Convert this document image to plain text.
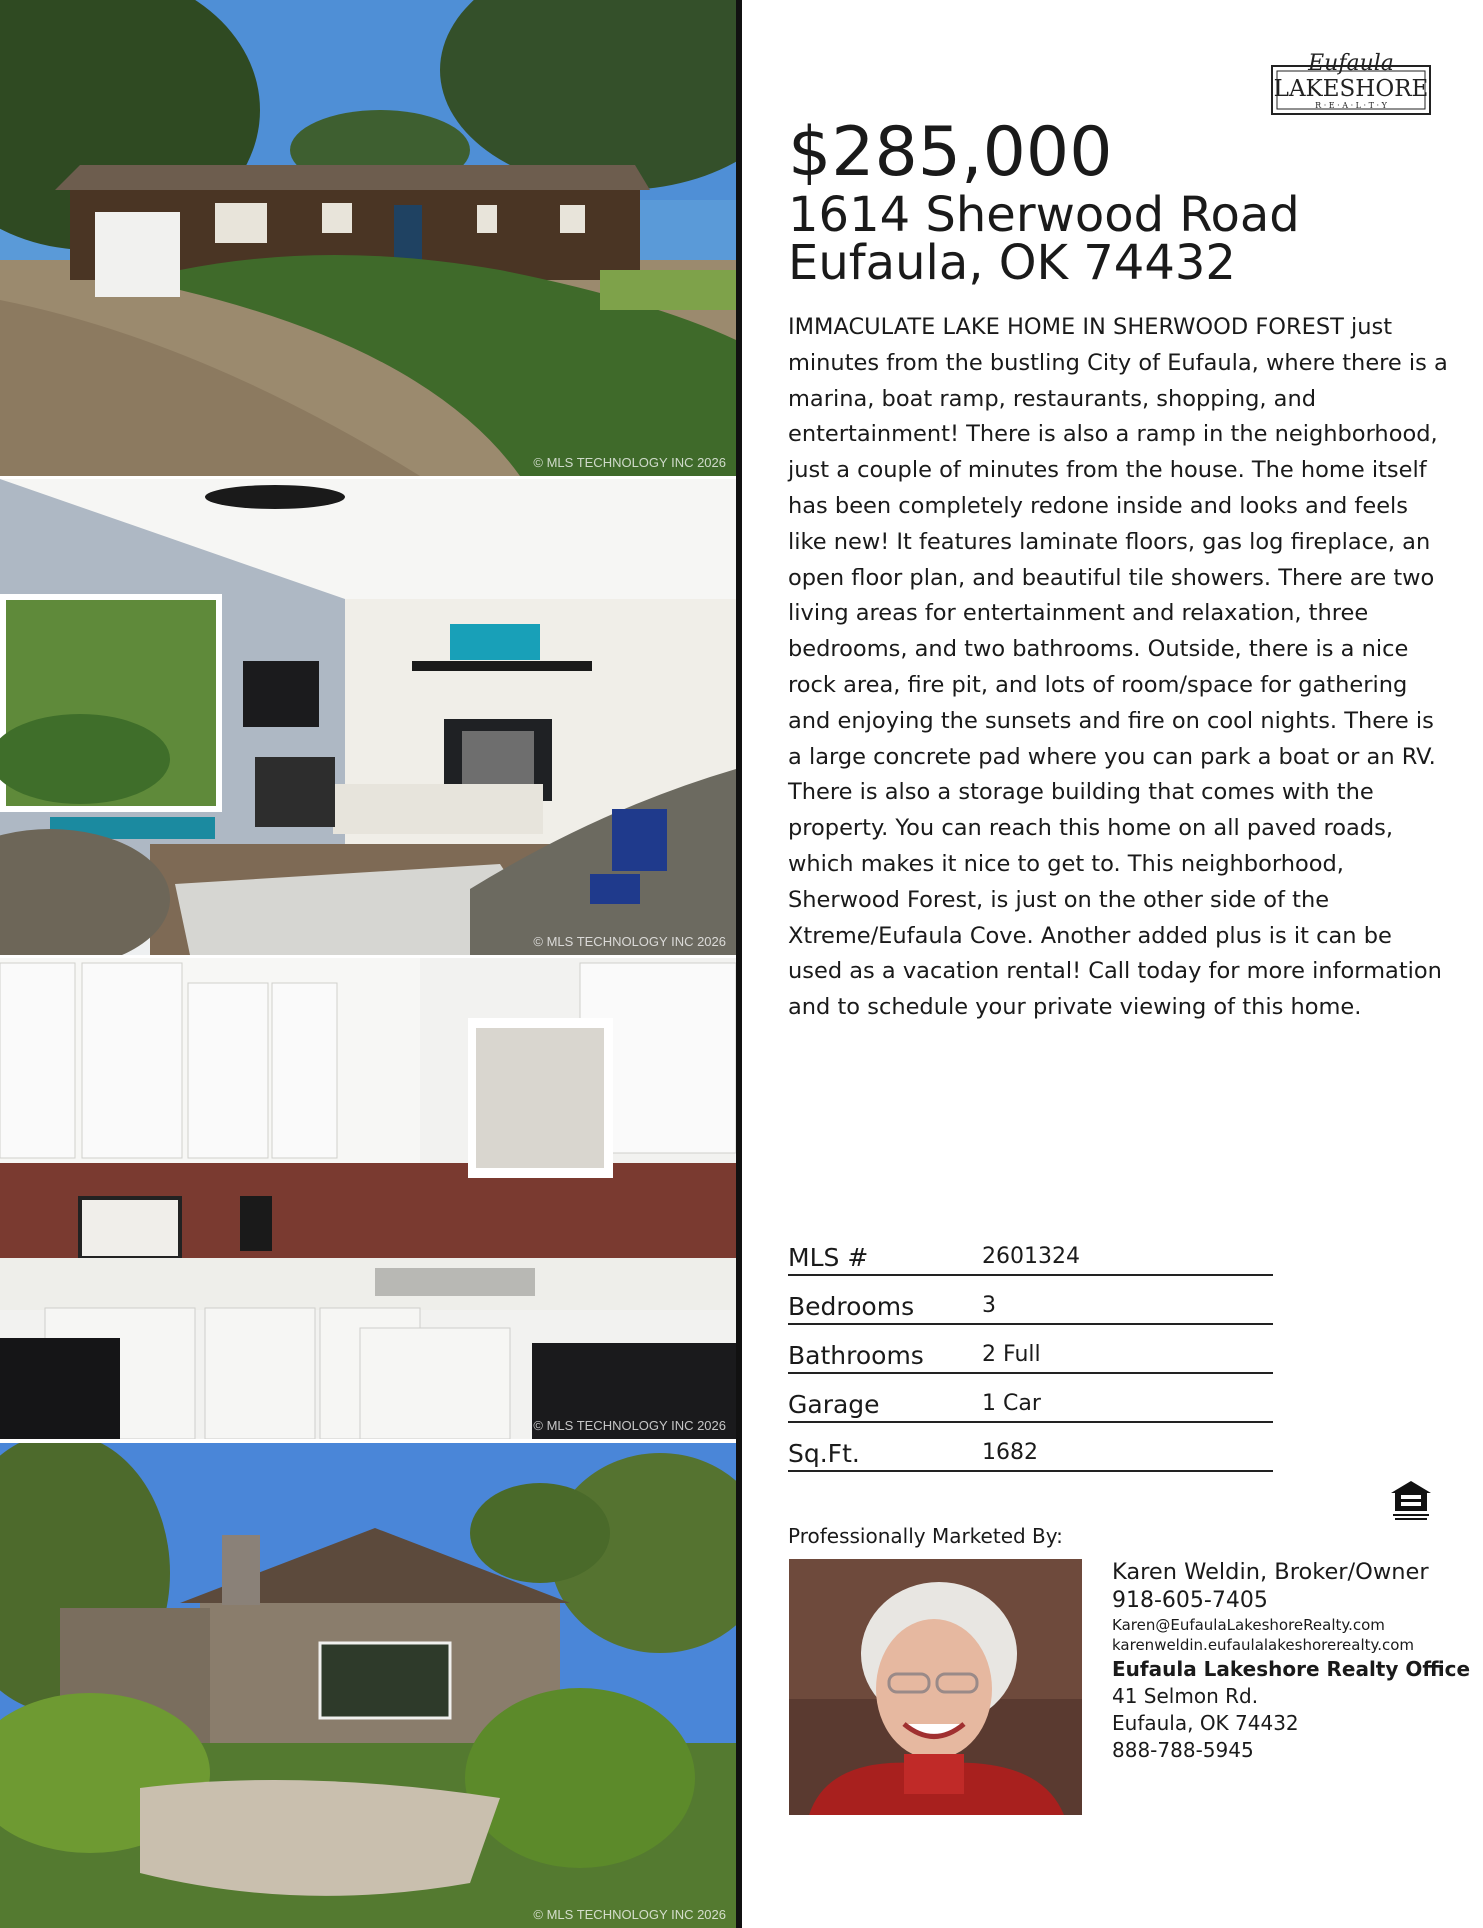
© MLS TECHNOLOGY INC 2026
© MLS TECHNOLOGY INC 2026
© MLS TECHNOLOGY INC 2026
© MLS TECHNOLOGY INC 2026
Eufaula
LAKESHORE
R · E · A · L · T · Y
$285,000
1614 Sherwood Road
Eufaula, OK 74432

IMMACULATE LAKE HOME IN SHERWOOD FOREST just minutes from the bustling City of Eufaula, where there is a marina, boat ramp, restaurants, shopping, and entertainment! There is also a ramp in the neighborhood, just a couple of minutes from the house. The home itself has been completely redone inside and looks and feels like new! It features laminate floors, gas log fireplace, an open floor plan, and beautiful tile showers. There are two living areas for entertainment and relaxation, three bedrooms, and two bathrooms. Outside, there is a nice rock area, fire pit, and lots of room/space for gathering and enjoying the sunsets and fire on cool nights. There is a large concrete pad where you can park a boat or an RV. There is also a storage building that comes with the property. You can reach this home on all paved roads, which makes it nice to get to. This neighborhood, Sherwood Forest, is just on the other side of the Xtreme/Eufaula Cove. Another added plus is it can be used as a vacation rental! Call today for more information and to schedule your private viewing of this home.

MLS #	2601324
Bedrooms	3
Bathrooms	2 Full
Garage	1 Car
Sq.Ft.	1682
Professionally Marketed By:
Karen Weldin, Broker/Owner
918-605-7405
Karen@EufaulaLakeshoreRealty.com
karenweldin.eufaulalakeshorerealty.com
Eufaula Lakeshore Realty Office
41 Selmon Rd.
Eufaula, OK 74432
888-788-5945
